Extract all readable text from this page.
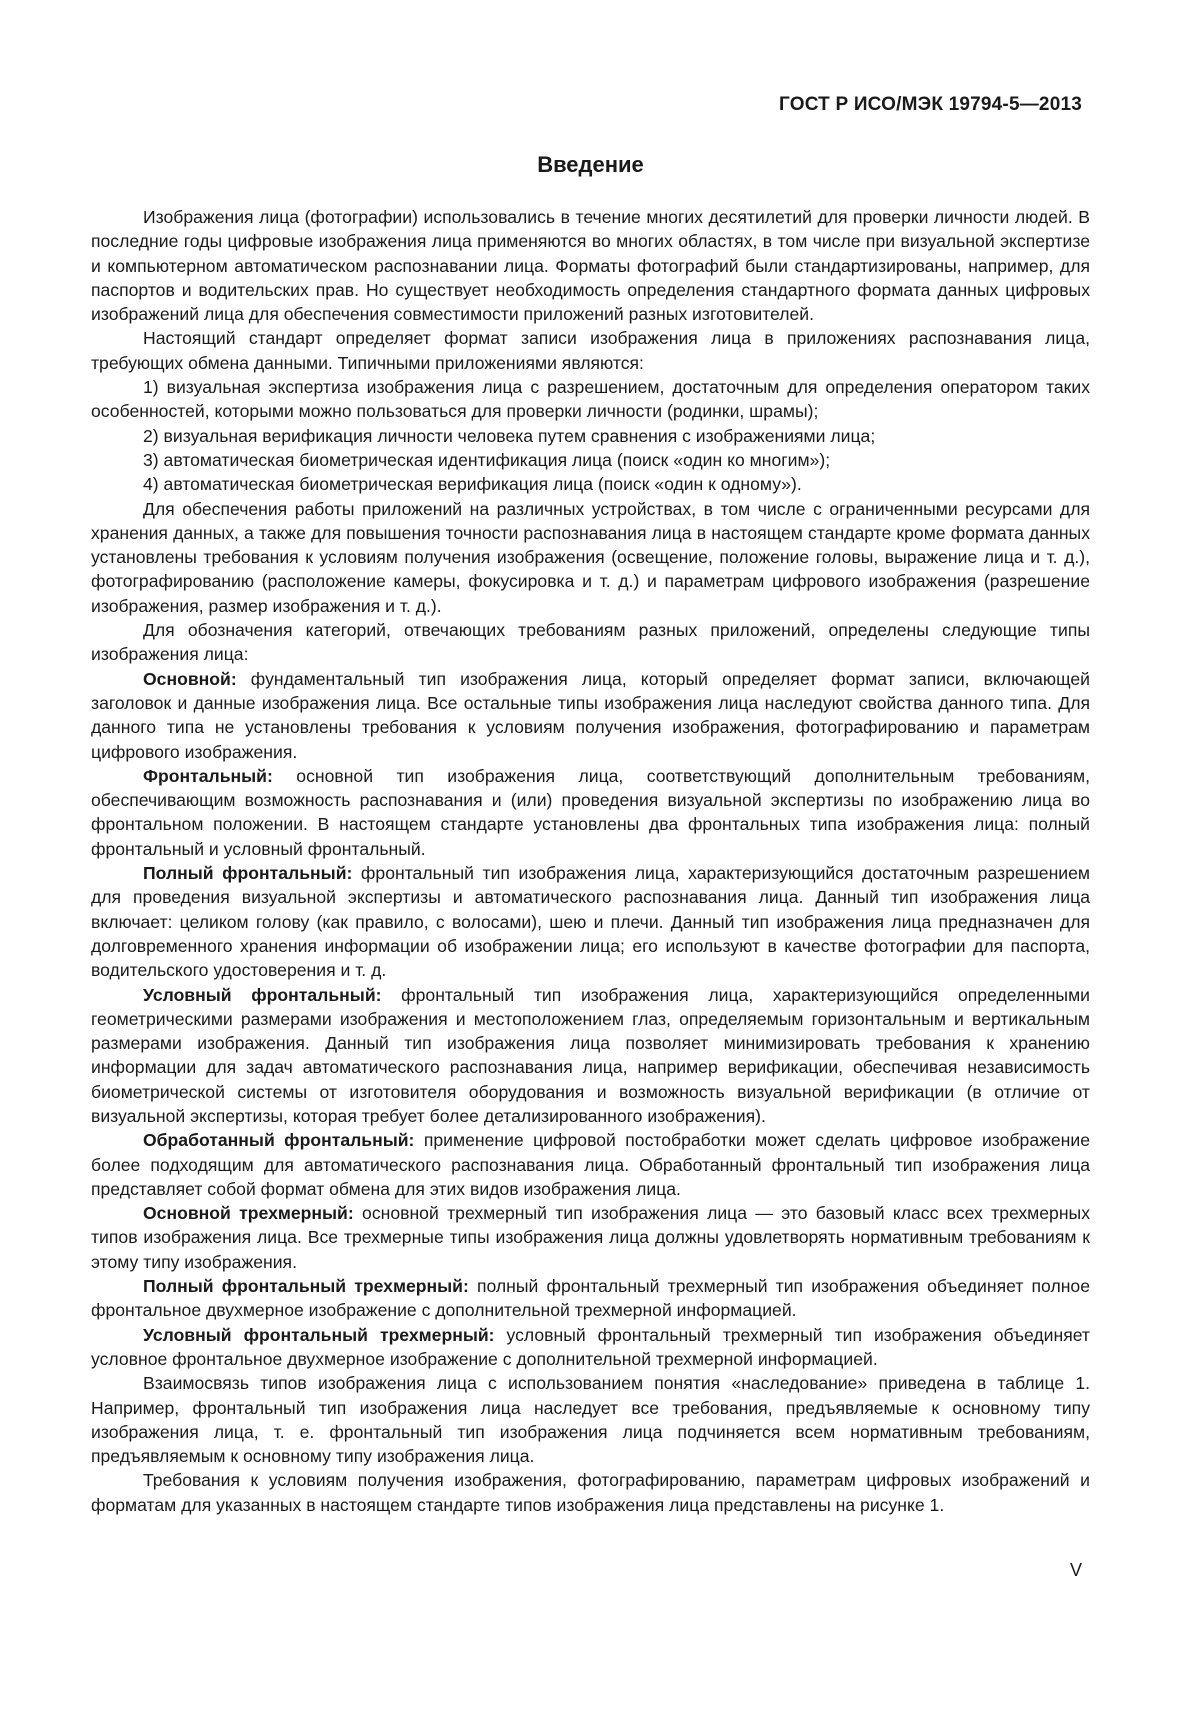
ГОСТ Р ИСО/МЭК 19794-5—2013
Введение

Изображения лица (фотографии) использовались в течение многих десятилетий для проверки личности людей. В последние годы цифровые изображения лица применяются во многих областях, в том числе при визуальной экспертизе и компьютерном автоматическом распознавании лица. Форматы фотографий были стандартизированы, например, для паспортов и водительских прав. Но существует необходимость определения стандартного формата данных цифровых изображений лица для обеспечения совместимости приложений разных изготовителей.

Настоящий стандарт определяет формат записи изображения лица в приложениях распознавания лица, требующих обмена данными. Типичными приложениями являются:

1) визуальная экспертиза изображения лица с разрешением, достаточным для определения оператором таких особенностей, которыми можно пользоваться для проверки личности (родинки, шрамы);

2) визуальная верификация личности человека путем сравнения с изображениями лица;

3) автоматическая биометрическая идентификация лица (поиск «один ко многим»);

4) автоматическая биометрическая верификация лица (поиск «один к одному»).

Для обеспечения работы приложений на различных устройствах, в том числе с ограниченными ресурсами для хранения данных, а также для повышения точности распознавания лица в настоящем стандарте кроме формата данных установлены требования к условиям получения изображения (освещение, положение головы, выражение лица и т. д.), фотографированию (расположение камеры, фокусировка и т. д.) и параметрам цифрового изображения (разрешение изображения, размер изображения и т. д.).

Для обозначения категорий, отвечающих требованиям разных приложений, определены следующие типы изображения лица:

Основной: фундаментальный тип изображения лица, который определяет формат записи, включающей заголовок и данные изображения лица. Все остальные типы изображения лица наследуют свойства данного типа. Для данного типа не установлены требования к условиям получения изображения, фотографированию и параметрам цифрового изображения.

Фронтальный: основной тип изображения лица, соответствующий дополнительным требованиям, обеспечивающим возможность распознавания и (или) проведения визуальной экспертизы по изображению лица во фронтальном положении. В настоящем стандарте установлены два фронтальных типа изображения лица: полный фронтальный и условный фронтальный.

Полный фронтальный: фронтальный тип изображения лица, характеризующийся достаточным разрешением для проведения визуальной экспертизы и автоматического распознавания лица. Данный тип изображения лица включает: целиком голову (как правило, с волосами), шею и плечи. Данный тип изображения лица предназначен для долговременного хранения информации об изображении лица; его используют в качестве фотографии для паспорта, водительского удостоверения и т. д.

Условный фронтальный: фронтальный тип изображения лица, характеризующийся определенными геометрическими размерами изображения и местоположением глаз, определяемым горизонтальным и вертикальным размерами изображения. Данный тип изображения лица позволяет минимизировать требования к хранению информации для задач автоматического распознавания лица, например верификации, обеспечивая независимость биометрической системы от изготовителя оборудования и возможность визуальной верификации (в отличие от визуальной экспертизы, которая требует более детализированного изображения).

Обработанный фронтальный: применение цифровой постобработки может сделать цифровое изображение более подходящим для автоматического распознавания лица. Обработанный фронтальный тип изображения лица представляет собой формат обмена для этих видов изображения лица.

Основной трехмерный: основной трехмерный тип изображения лица — это базовый класс всех трехмерных типов изображения лица. Все трехмерные типы изображения лица должны удовлетворять нормативным требованиям к этому типу изображения.

Полный фронтальный трехмерный: полный фронтальный трехмерный тип изображения объединяет полное фронтальное двухмерное изображение с дополнительной трехмерной информацией.

Условный фронтальный трехмерный: условный фронтальный трехмерный тип изображения объединяет условное фронтальное двухмерное изображение с дополнительной трехмерной информацией.

Взаимосвязь типов изображения лица с использованием понятия «наследование» приведена в таблице 1. Например, фронтальный тип изображения лица наследует все требования, предъявляемые к основному типу изображения лица, т. е. фронтальный тип изображения лица подчиняется всем нормативным требованиям, предъявляемым к основному типу изображения лица.

Требования к условиям получения изображения, фотографированию, параметрам цифровых изображений и форматам для указанных в настоящем стандарте типов изображения лица представлены на рисунке 1.

V
